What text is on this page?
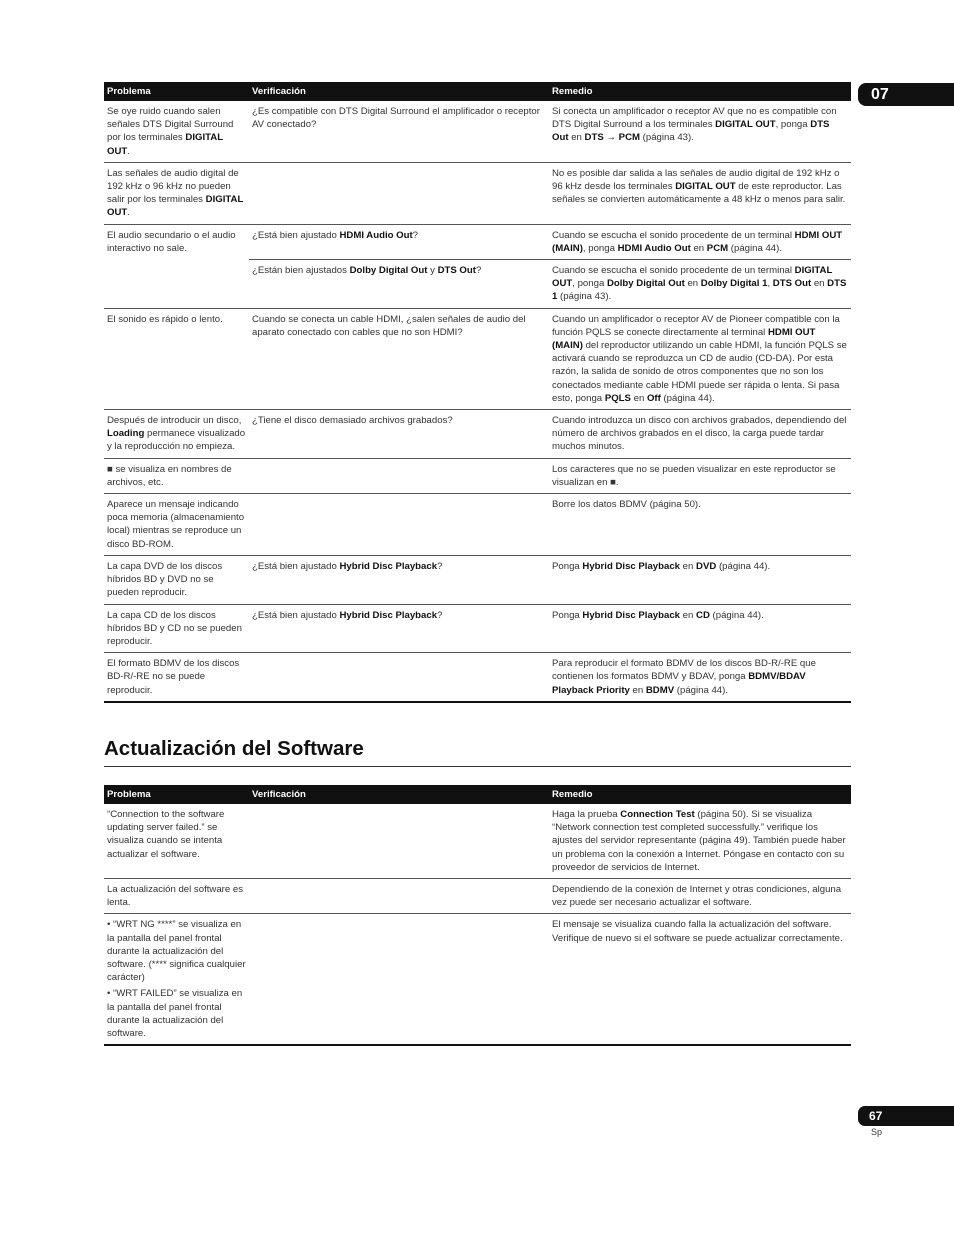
07
Problema	Verificación	Remedio
Se oye ruido cuando salen señales DTS Digital Surround por los terminales DIGITAL OUT.	¿Es compatible con DTS Digital Surround el amplificador o receptor AV conectado?	Si conecta un amplificador o receptor AV que no es compatible con DTS Digital Surround a los terminales DIGITAL OUT, ponga DTS Out en DTS → PCM (página 43).
Las señales de audio digital de 192 kHz o 96 kHz no pueden salir por los terminales DIGITAL OUT.		No es posible dar salida a las señales de audio digital de 192 kHz o 96 kHz desde los terminales DIGITAL OUT de este reproductor. Las señales se convierten automáticamente a 48 kHz o menos para salir.
El audio secundario o el audio interactivo no sale.	¿Está bien ajustado HDMI Audio Out?	Cuando se escucha el sonido procedente de un terminal HDMI OUT (MAIN), ponga HDMI Audio Out en PCM (página 44).
	¿Están bien ajustados Dolby Digital Out y DTS Out?	Cuando se escucha el sonido procedente de un terminal DIGITAL OUT, ponga Dolby Digital Out en Dolby Digital 1, DTS Out en DTS 1 (página 43).
El sonido es rápido o lento.	Cuando se conecta un cable HDMI, ¿salen señales de audio del aparato conectado con cables que no son HDMI?	Cuando un amplificador o receptor AV de Pioneer compatible con la función PQLS se conecte directamente al terminal HDMI OUT (MAIN) del reproductor utilizando un cable HDMI, la función PQLS se activará cuando se reproduzca un CD de audio (CD-DA). Por esta razón, la salida de sonido de otros componentes que no son los conectados mediante cable HDMI puede ser rápida o lenta. Si pasa esto, ponga PQLS en Off (página 44).
Después de introducir un disco, Loading permanece visualizado y la reproducción no empieza.	¿Tiene el disco demasiado archivos grabados?	Cuando introduzca un disco con archivos grabados, dependiendo del número de archivos grabados en el disco, la carga puede tardar muchos minutos.
■ se visualiza en nombres de archivos, etc.		Los caracteres que no se pueden visualizar en este reproductor se visualizan en ■.
Aparece un mensaje indicando poca memoria (almacenamiento local) mientras se reproduce un disco BD-ROM.		Borre los datos BDMV (página 50).
La capa DVD de los discos híbridos BD y DVD no se pueden reproducir.	¿Está bien ajustado Hybrid Disc Playback?	Ponga Hybrid Disc Playback en DVD (página 44).
La capa CD de los discos híbridos BD y CD no se pueden reproducir.	¿Está bien ajustado Hybrid Disc Playback?	Ponga Hybrid Disc Playback en CD (página 44).
El formato BDMV de los discos BD-R/-RE no se puede reproducir.		Para reproducir el formato BDMV de los discos BD-R/-RE que contienen los formatos BDMV y BDAV, ponga BDMV/BDAV Playback Priority en BDMV (página 44).
Actualización del Software
Problema	Verificación	Remedio
“Connection to the software updating server failed.” se visualiza cuando se intenta actualizar el software.		Haga la prueba Connection Test (página 50). Si se visualiza “Network connection test completed successfully.” verifique los ajustes del servidor representante (página 49). También puede haber un problema con la conexión a Internet. Póngase en contacto con su proveedor de servicios de Internet.
La actualización del software es lenta.		Dependiendo de la conexión de Internet y otras condiciones, alguna vez puede ser necesario actualizar el software.

• “WRT NG ****” se visualiza en la pantalla del panel frontal durante la actualización del software. (**** significa cualquier carácter)
• “WRT FAILED” se visualiza en la pantalla del panel frontal durante la actualización del software.		El mensaje se visualiza cuando falla la actualización del software. Verifique de nuevo si el software se puede actualizar correctamente.
67
Sp
